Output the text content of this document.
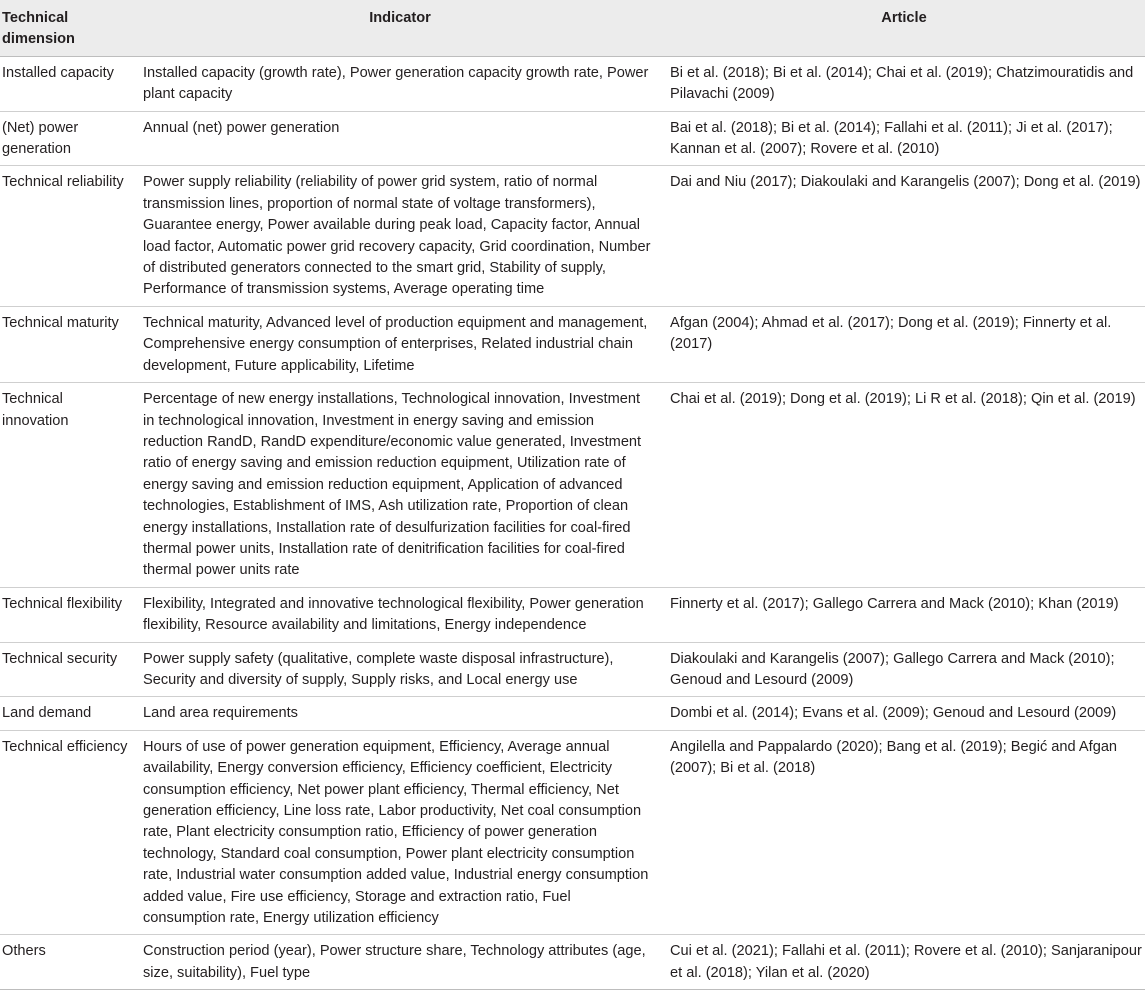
Technical dimension	Indicator	Article
Installed capacity	Installed capacity (growth rate), Power generation capacity growth rate, Power plant capacity	Bi et al. (2018); Bi et al. (2014); Chai et al. (2019); Chatzimouratidis and Pilavachi (2009)
(Net) power generation	Annual (net) power generation	Bai et al. (2018); Bi et al. (2014); Fallahi et al. (2011); Ji et al. (2017); Kannan et al. (2007); Rovere et al. (2010)
Technical reliability	Power supply reliability (reliability of power grid system, ratio of normal transmission lines, proportion of normal state of voltage transformers), Guarantee energy, Power available during peak load, Capacity factor, Annual load factor, Automatic power grid recovery capacity, Grid coordination, Number of distributed generators connected to the smart grid, Stability of supply, Performance of transmission systems, Average operating time	Dai and Niu (2017); Diakoulaki and Karangelis (2007); Dong et al. (2019)
Technical maturity	Technical maturity, Advanced level of production equipment and management, Comprehensive energy consumption of enterprises, Related industrial chain development, Future applicability, Lifetime	Afgan (2004); Ahmad et al. (2017); Dong et al. (2019); Finnerty et al. (2017)
Technical innovation	Percentage of new energy installations, Technological innovation, Investment in technological innovation, Investment in energy saving and emission reduction RandD, RandD expenditure/economic value generated, Investment ratio of energy saving and emission reduction equipment, Utilization rate of energy saving and emission reduction equipment, Application of advanced technologies, Establishment of IMS, Ash utilization rate, Proportion of clean energy installations, Installation rate of desulfurization facilities for coal-fired thermal power units, Installation rate of denitrification facilities for coal-fired thermal power units rate	Chai et al. (2019); Dong et al. (2019); Li R et al. (2018); Qin et al. (2019)
Technical flexibility	Flexibility, Integrated and innovative technological flexibility, Power generation flexibility, Resource availability and limitations, Energy independence	Finnerty et al. (2017); Gallego Carrera and Mack (2010); Khan (2019)
Technical security	Power supply safety (qualitative, complete waste disposal infrastructure), Security and diversity of supply, Supply risks, and Local energy use	Diakoulaki and Karangelis (2007); Gallego Carrera and Mack (2010); Genoud and Lesourd (2009)
Land demand	Land area requirements	Dombi et al. (2014); Evans et al. (2009); Genoud and Lesourd (2009)
Technical efficiency	Hours of use of power generation equipment, Efficiency, Average annual availability, Energy conversion efficiency, Efficiency coefficient, Electricity consumption efficiency, Net power plant efficiency, Thermal efficiency, Net generation efficiency, Line loss rate, Labor productivity, Net coal consumption rate, Plant electricity consumption ratio, Efficiency of power generation technology, Standard coal consumption, Power plant electricity consumption rate, Industrial water consumption added value, Industrial energy consumption added value, Fire use efficiency, Storage and extraction ratio, Fuel consumption rate, Energy utilization efficiency	Angilella and Pappalardo (2020); Bang et al. (2019); Begić and Afgan (2007); Bi et al. (2018)
Others	Construction period (year), Power structure share, Technology attributes (age, size, suitability), Fuel type	Cui et al. (2021); Fallahi et al. (2011); Rovere et al. (2010); Sanjaranipour et al. (2018); Yilan et al. (2020)
